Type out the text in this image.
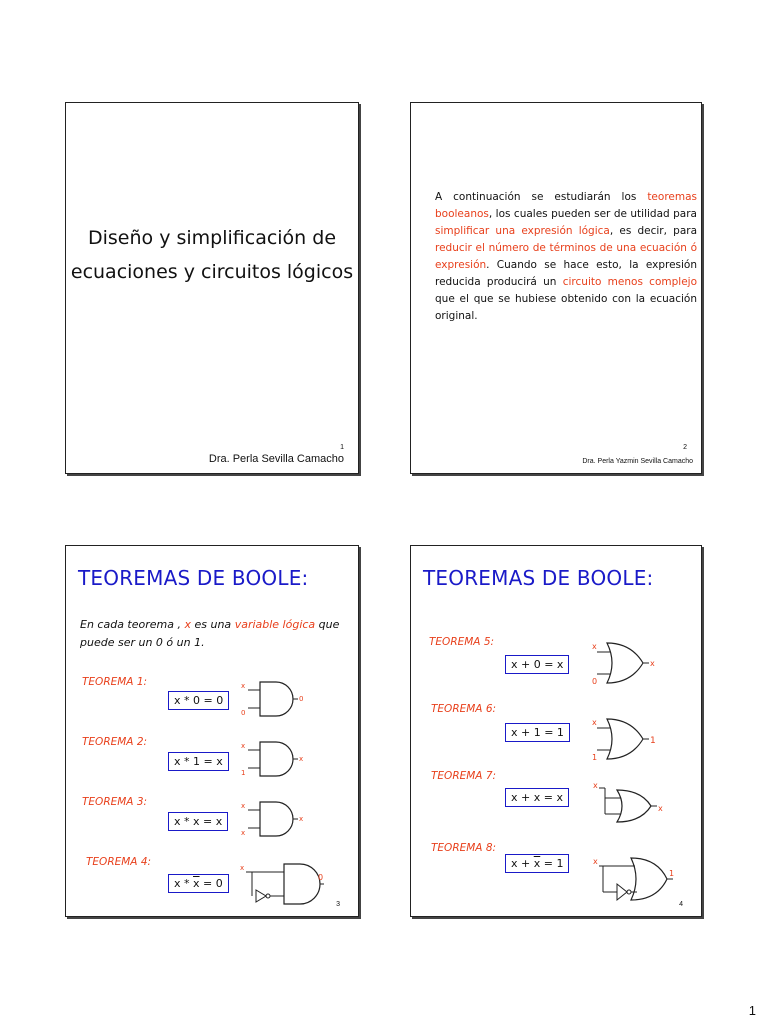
Diseño y simplificación de
ecuaciones y circuitos lógicos
1
Dra. Perla Sevilla Camacho
A continuación se estudiarán los teoremas booleanos, los cuales pueden ser de utilidad para simplificar una expresión lógica, es decir, para reducir el número de términos de una ecuación ó expresión. Cuando se hace esto, la expresión reducida producirá un circuito menos complejo que el que se hubiese obtenido con la ecuación original.
2
Dra. Perla Yazmin Sevilla Camacho
TEOREMAS DE BOOLE:
En cada teorema , x es una variable lógica que puede ser un 0 ó un 1.
TEOREMA 1:
x * 0 = 0
x
0
0
TEOREMA 2:
x * 1 = x
x
1
x
TEOREMA 3:
x * x = x
x
x
x
TEOREMA 4:
$x * \overline{x} = 0$
x
0
3
TEOREMAS DE BOOLE:
TEOREMA 5:
x + 0 = x
x
0
x
TEOREMA 6:
x + 1 = 1
x
1
1
TEOREMA 7:
x + x = x
x
x
TEOREMA 8:
$x + \overline{x} = 1$	x
1
4
1
